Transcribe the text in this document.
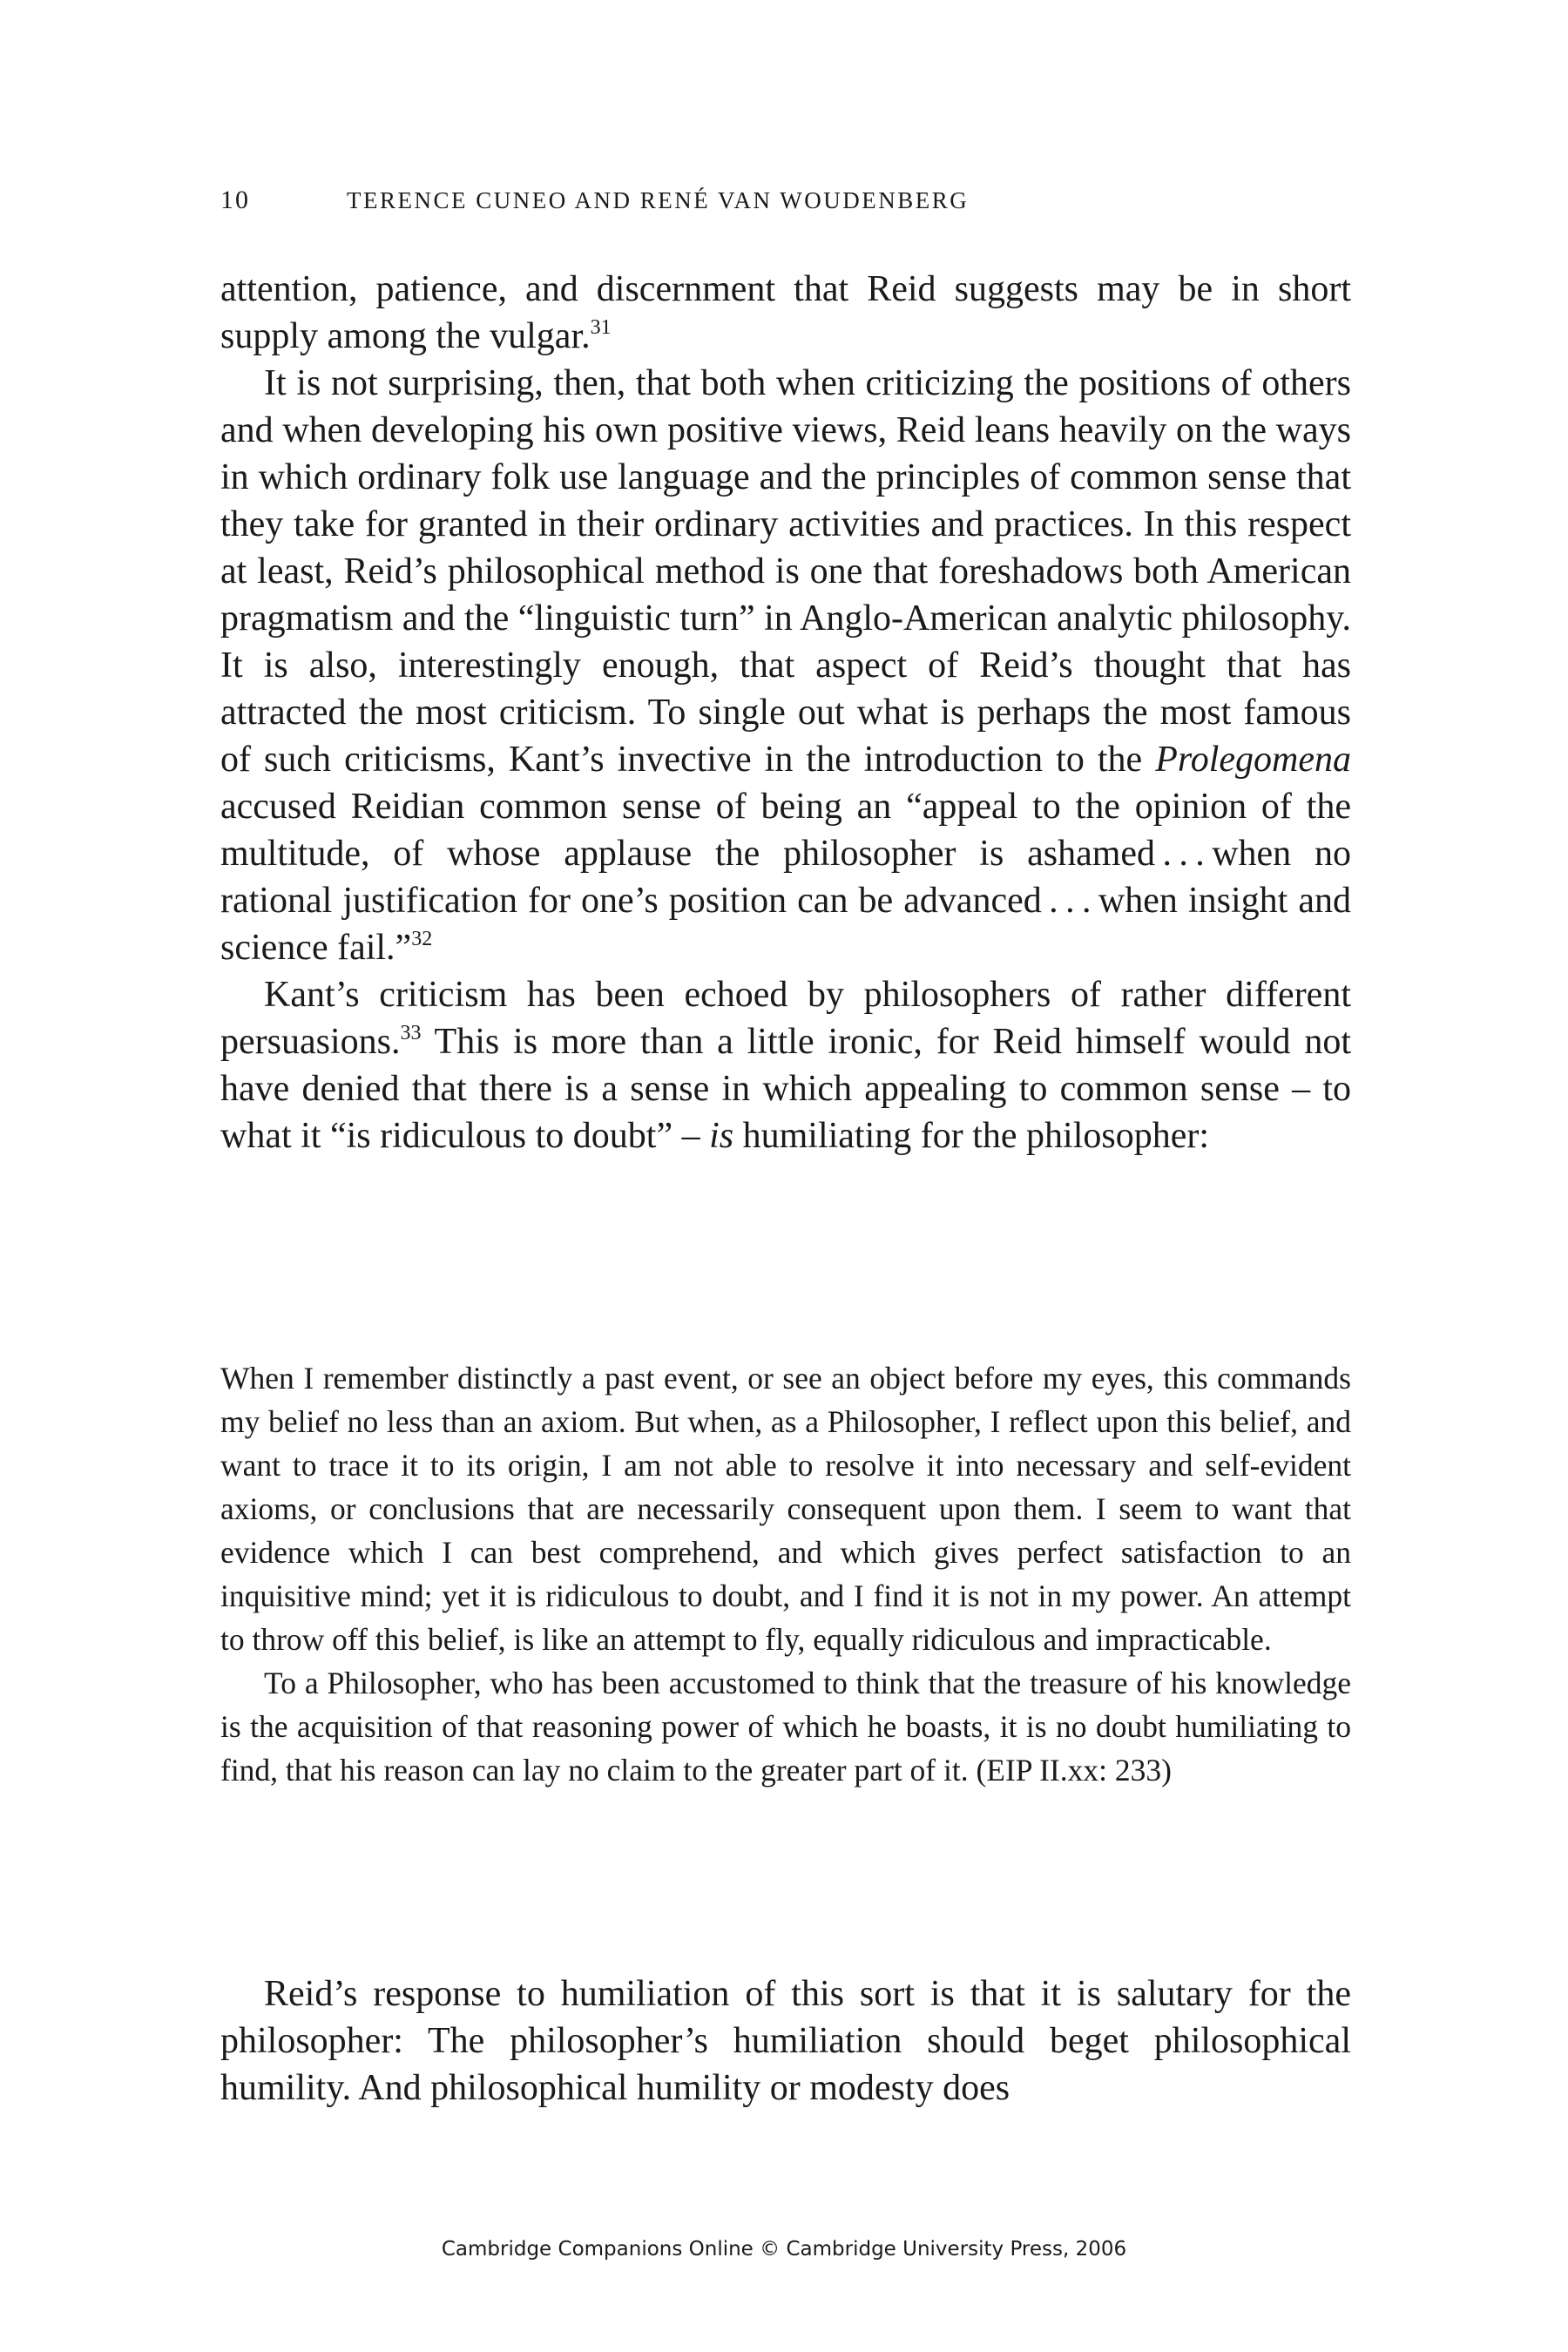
10	TERENCE CUNEO AND RENÉ VAN WOUDENBERG

attention, patience, and discernment that Reid suggests may be in short supply among the vulgar.$^{31}$

It is not surprising, then, that both when criticizing the positions of others and when developing his own positive views, Reid leans heavily on the ways in which ordinary folk use language and the principles of common sense that they take for granted in their ordinary activities and practices. In this respect at least, Reid’s philosophical method is one that foreshadows both American pragmatism and the “linguistic turn” in Anglo-American analytic philosophy. It is also, interestingly enough, that aspect of Reid’s thought that has attracted the most criticism. To single out what is perhaps the most famous of such criticisms, Kant’s invective in the introduction to the Prolegomena accused Reidian common sense of being an “appeal to the opinion of the multitude, of whose applause the philosopher is ashamed . . . when no rational justification for one’s position can be advanced . . . when insight and science fail.”$^{32}$

Kant’s criticism has been echoed by philosophers of rather different persuasions.$^{33}$ This is more than a little ironic, for Reid himself would not have denied that there is a sense in which appealing to common sense – to what it “is ridiculous to doubt” – is humiliating for the philosopher:

When I remember distinctly a past event, or see an object before my eyes, this commands my belief no less than an axiom. But when, as a Philosopher, I reflect upon this belief, and want to trace it to its origin, I am not able to resolve it into necessary and self-evident axioms, or conclusions that are necessarily consequent upon them. I seem to want that evidence which I can best comprehend, and which gives perfect satisfaction to an inquisitive mind; yet it is ridiculous to doubt, and I find it is not in my power. An attempt to throw off this belief, is like an attempt to fly, equally ridiculous and impracticable.

To a Philosopher, who has been accustomed to think that the treasure of his knowledge is the acquisition of that reasoning power of which he boasts, it is no doubt humiliating to find, that his reason can lay no claim to the greater part of it. (EIP II.xx: 233)

Reid’s response to humiliation of this sort is that it is salutary for the philosopher: The philosopher’s humiliation should beget philosophical humility. And philosophical humility or modesty does

Cambridge Companions Online © Cambridge University Press, 2006
